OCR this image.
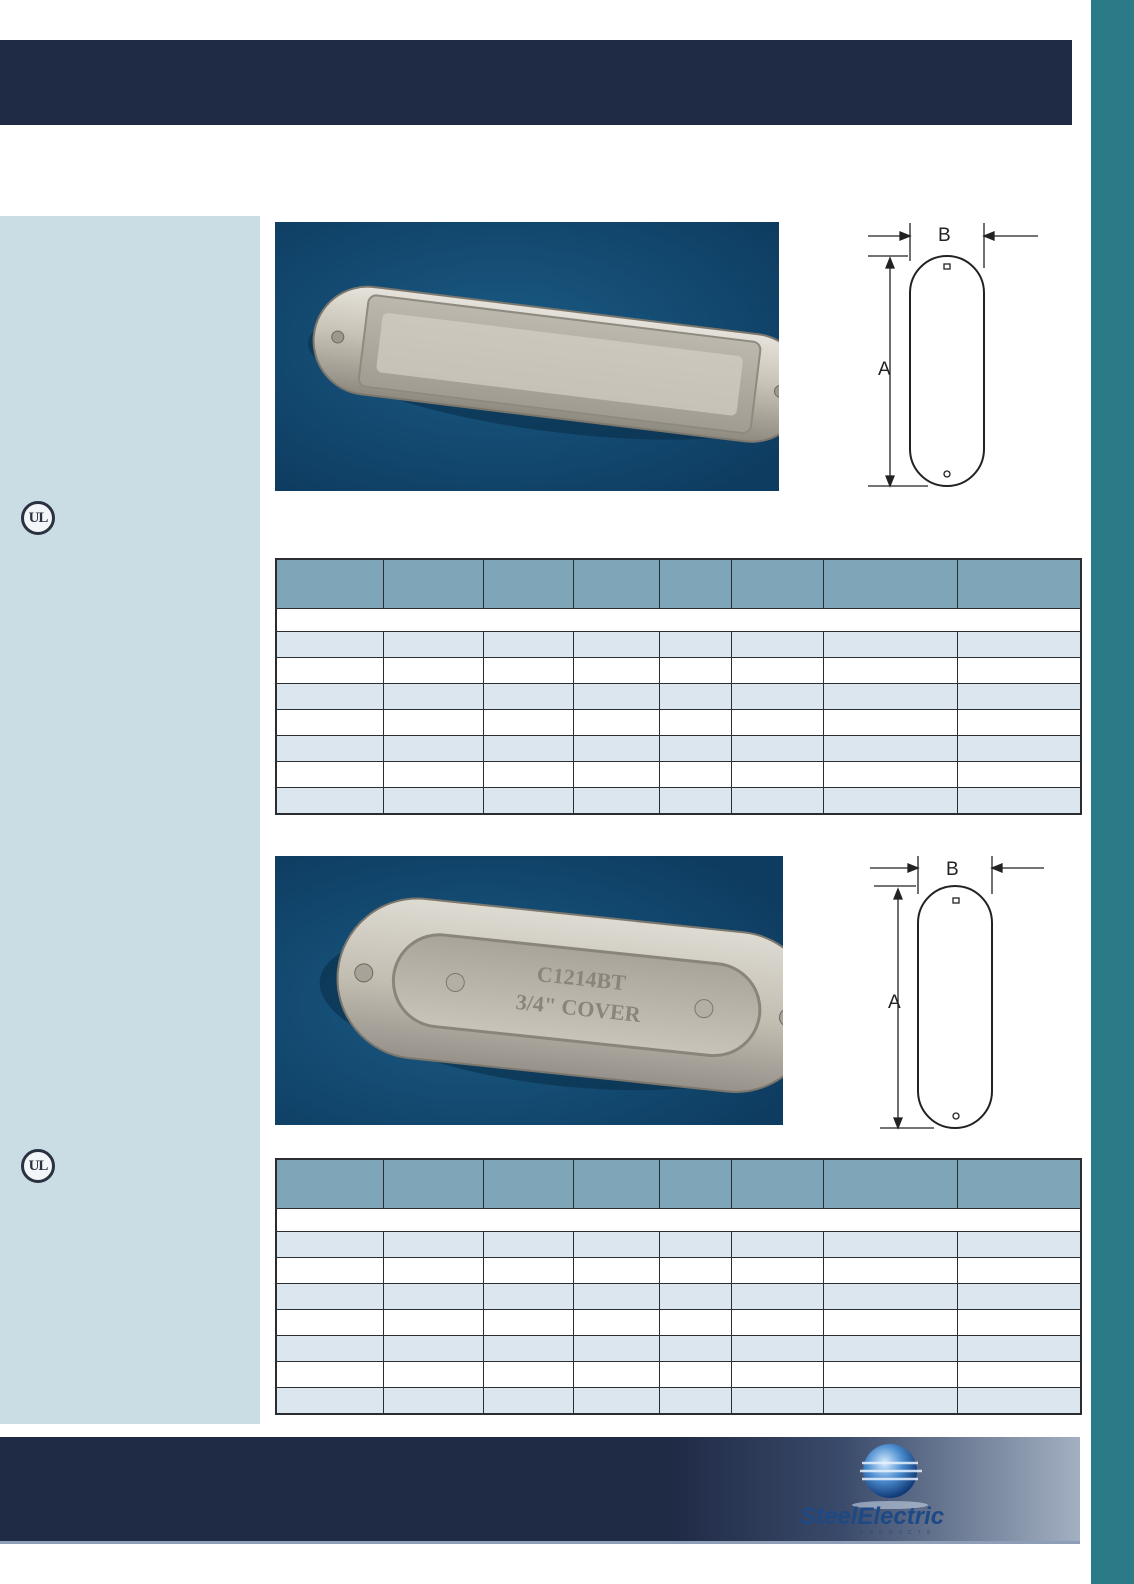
UL
UL
B
A

C1214BT
3/4" COVER
B
A

SteelElectric
PRODUCTS
